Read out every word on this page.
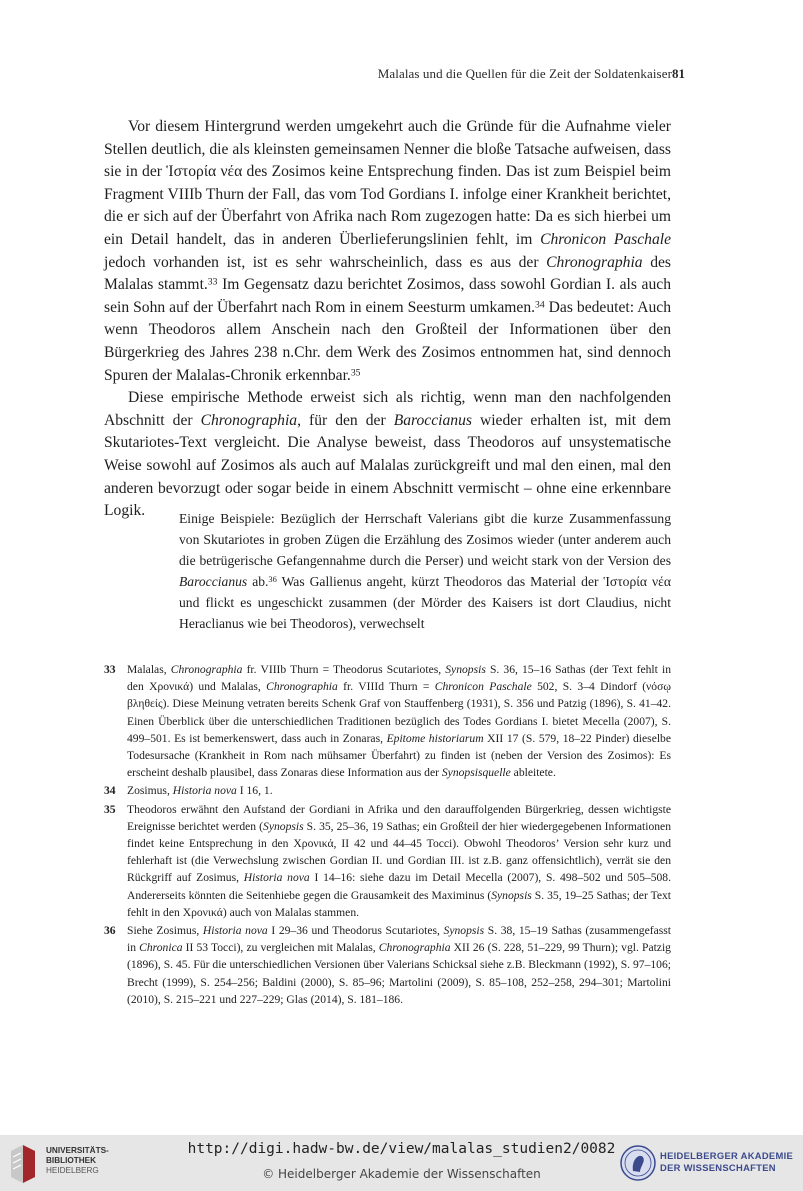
Malalas und die Quellen für die Zeit der Soldatenkaiser 81

Vor diesem Hintergrund werden umgekehrt auch die Gründe für die Aufnahme vieler Stellen deutlich, die als kleinsten gemeinsamen Nenner die bloße Tatsache aufweisen, dass sie in der Ἱστορία νέα des Zosimos keine Entsprechung finden. Das ist zum Beispiel beim Fragment VIIIb Thurn der Fall, das vom Tod Gordians I. infolge einer Krankheit berichtet, die er sich auf der Überfahrt von Afrika nach Rom zugezogen hatte: Da es sich hierbei um ein Detail handelt, das in anderen Überlieferungslinien fehlt, im Chronicon Paschale jedoch vorhanden ist, ist es sehr wahrscheinlich, dass es aus der Chronographia des Malalas stammt.$^{33}$ Im Gegensatz dazu berichtet Zosimos, dass sowohl Gordian I. als auch sein Sohn auf der Überfahrt nach Rom in einem Seesturm umkamen.$^{34}$ Das bedeutet: Auch wenn Theodoros allem Anschein nach den Großteil der Informationen über den Bürgerkrieg des Jahres 238 n.Chr. dem Werk des Zosimos entnommen hat, sind dennoch Spuren der Malalas-Chronik erkennbar.$^{35}$

Diese empirische Methode erweist sich als richtig, wenn man den nachfolgenden Abschnitt der Chronographia, für den der Baroccianus wieder erhalten ist, mit dem Skutariotes-Text vergleicht. Die Analyse beweist, dass Theodoros auf unsystematische Weise sowohl auf Zosimos als auch auf Malalas zurückgreift und mal den einen, mal den anderen bevorzugt oder sogar beide in einem Abschnitt vermischt – ohne eine erkennbare Logik.	Einige Beispiele: Bezüglich der Herrschaft Valerians gibt die kurze Zusammenfassung von Skutariotes in groben Zügen die Erzählung des Zosimos wieder (unter anderem auch die betrügerische Gefangennahme durch die Perser) und weicht stark von der Version des Baroccianus ab.$^{36}$ Was Gallienus angeht, kürzt Theodoros das Material der Ἱστορία νέα und flickt es ungeschickt zusammen (der Mörder des Kaisers ist dort Claudius, nicht Heraclianus wie bei Theodoros), verwechselt

33 Malalas, Chronographia fr. VIIIb Thurn = Theodorus Scutariotes, Synopsis S. 36, 15–16 Sathas (der Text fehlt in den Χρονικά) und Malalas, Chronographia fr. VIIId Thurn = Chronicon Paschale 502, S. 3–4 Dindorf (νόσῳ βληθείς). Diese Meinung vetraten bereits Schenk Graf von Stauffenberg (1931), S. 356 und Patzig (1896), S. 41–42. Einen Überblick über die unterschiedlichen Traditionen bezüglich des Todes Gordians I. bietet Mecella (2007), S. 499–501. Es ist bemerkenswert, dass auch in Zonaras, Epitome historiarum XII 17 (S. 579, 18–22 Pinder) dieselbe Todesursache (Krankheit in Rom nach mühsamer Überfahrt) zu finden ist (neben der Version des Zosimos): Es erscheint deshalb plausibel, dass Zonaras diese Information aus der Synopsisquelle ableitete.

34 Zosimus, Historia nova I 16, 1.

35 Theodoros erwähnt den Aufstand der Gordiani in Afrika und den darauffolgenden Bürgerkrieg, dessen wichtigste Ereignisse berichtet werden (Synopsis S. 35, 25–36, 19 Sathas; ein Großteil der hier wiedergegebenen Informationen findet keine Entsprechung in den Χρονικά, II 42 und 44–45 Tocci). Obwohl Theodoros’ Version sehr kurz und fehlerhaft ist (die Verwechslung zwischen Gordian II. und Gordian III. ist z.B. ganz offensichtlich), verrät sie den Rückgriff auf Zosimus, Historia nova I 14–16: siehe dazu im Detail Mecella (2007), S. 498–502 und 505–508. Andererseits könnten die Seitenhiebe gegen die Grausamkeit des Maximinus (Synopsis S. 35, 19–25 Sathas; der Text fehlt in den Χρονικά) auch von Malalas stammen.

36 Siehe Zosimus, Historia nova I 29–36 und Theodorus Scutariotes, Synopsis S. 38, 15–19 Sathas (zusammengefasst in Chronica II 53 Tocci), zu vergleichen mit Malalas, Chronographia XII 26 (S. 228, 51–229, 99 Thurn); vgl. Patzig (1896), S. 45. Für die unterschiedlichen Versionen über Valerians Schicksal siehe z.B. Bleckmann (1992), S. 97–106; Brecht (1999), S. 254–256; Baldini (2000), S. 85–96; Martolini (2009), S. 85–108, 252–258, 294–301; Martolini (2010), S. 215–221 und 227–229; Glas (2014), S. 181–186.

UNIVERSITÄTS-
BIBLIOTHEK
HEIDELBERG
http://digi.hadw-bw.de/view/malalas_studien2/0082
© Heidelberger Akademie der Wissenschaften
HEIDELBERGER AKADEMIE
DER WISSENSCHAFTEN
